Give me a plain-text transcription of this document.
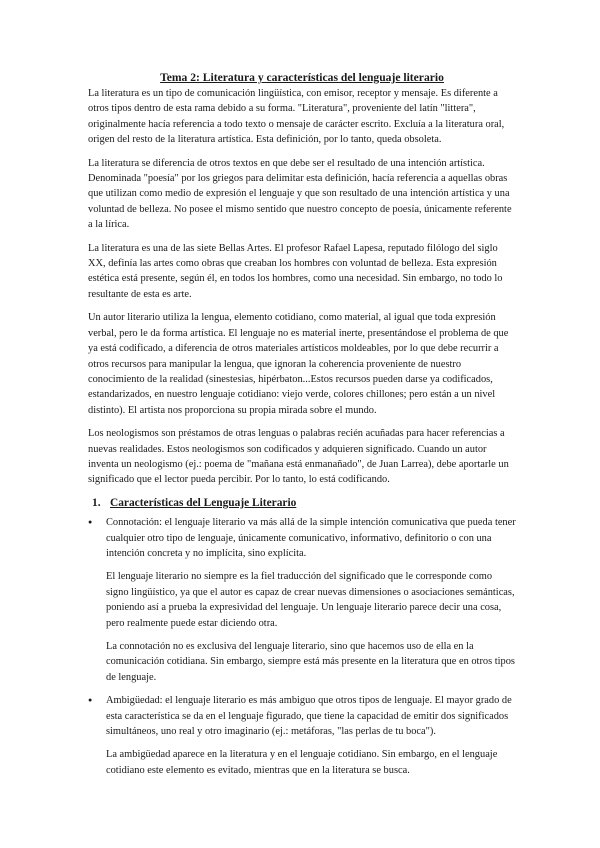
Tema 2: Literatura y características del lenguaje literario

La literatura es un tipo de comunicación lingüística, con emisor, receptor y mensaje. Es diferente a otros tipos dentro de esta rama debido a su forma. "Literatura", proveniente del latín "littera", originalmente hacía referencia a todo texto o mensaje de carácter escrito. Excluía a la literatura oral, origen del resto de la literatura artística. Esta definición, por lo tanto, queda obsoleta.

La literatura se diferencia de otros textos en que debe ser el resultado de una intención artística. Denominada "poesía" por los griegos para delimitar esta definición, hacía referencia a aquellas obras que utilizan como medio de expresión el lenguaje y que son resultado de una intención artística y una voluntad de belleza. No posee el mismo sentido que nuestro concepto de poesía, únicamente referente a la lírica.

La literatura es una de las siete Bellas Artes. El profesor Rafael Lapesa, reputado filólogo del siglo XX, definía las artes como obras que creaban los hombres con voluntad de belleza. Esta expresión estética está presente, según él, en todos los hombres, como una necesidad. Sin embargo, no todo lo resultante de esta es arte.

Un autor literario utiliza la lengua, elemento cotidiano, como material, al igual que toda expresión verbal, pero le da forma artística. El lenguaje no es material inerte, presentándose el problema de que ya está codificado, a diferencia de otros materiales artísticos moldeables, por lo que debe recurrir a otros recursos para manipular la lengua, que ignoran la coherencia proveniente de nuestro conocimiento de la realidad (sinestesias, hipérbaton...Estos recursos pueden darse ya codificados, estandarizados, en nuestro lenguaje cotidiano: viejo verde, colores chillones; pero están a un nivel distinto). El artista nos proporciona su propia mirada sobre el mundo.

Los neologismos son préstamos de otras lenguas o palabras recién acuñadas para hacer referencias a nuevas realidades. Estos neologismos son codificados y adquieren significado. Cuando un autor inventa un neologismo (ej.: poema de "mañana está enmanañado", de Juan Larrea), debe aportarle un significado que el lector pueda percibir. Por lo tanto, lo está codificando.

1. Características del Lenguaje Literario
●	Connotación: el lenguaje literario va más allá de la simple intención comunicativa que pueda tener cualquier otro tipo de lenguaje, únicamente comunicativo, informativo, definitorio o con una intención concreta y no implícita, sino explícita.

El lenguaje literario no siempre es la fiel traducción del significado que le corresponde como signo lingüístico, ya que el autor es capaz de crear nuevas dimensiones o asociaciones semánticas, poniendo así a prueba la expresividad del lenguaje. Un lenguaje literario parece decir una cosa, pero realmente puede estar diciendo otra.

La connotación no es exclusiva del lenguaje literario, sino que hacemos uso de ella en la comunicación cotidiana. Sin embargo, siempre está más presente en la literatura que en otros tipos de lenguaje.

●	Ambigüedad: el lenguaje literario es más ambiguo que otros tipos de lenguaje. El mayor grado de esta característica se da en el lenguaje figurado, que tiene la capacidad de emitir dos significados simultáneos, uno real y otro imaginario (ej.: metáforas, "las perlas de tu boca").

La ambigüedad aparece en la literatura y en el lenguaje cotidiano. Sin embargo, en el lenguaje cotidiano este elemento es evitado, mientras que en la literatura se busca.
